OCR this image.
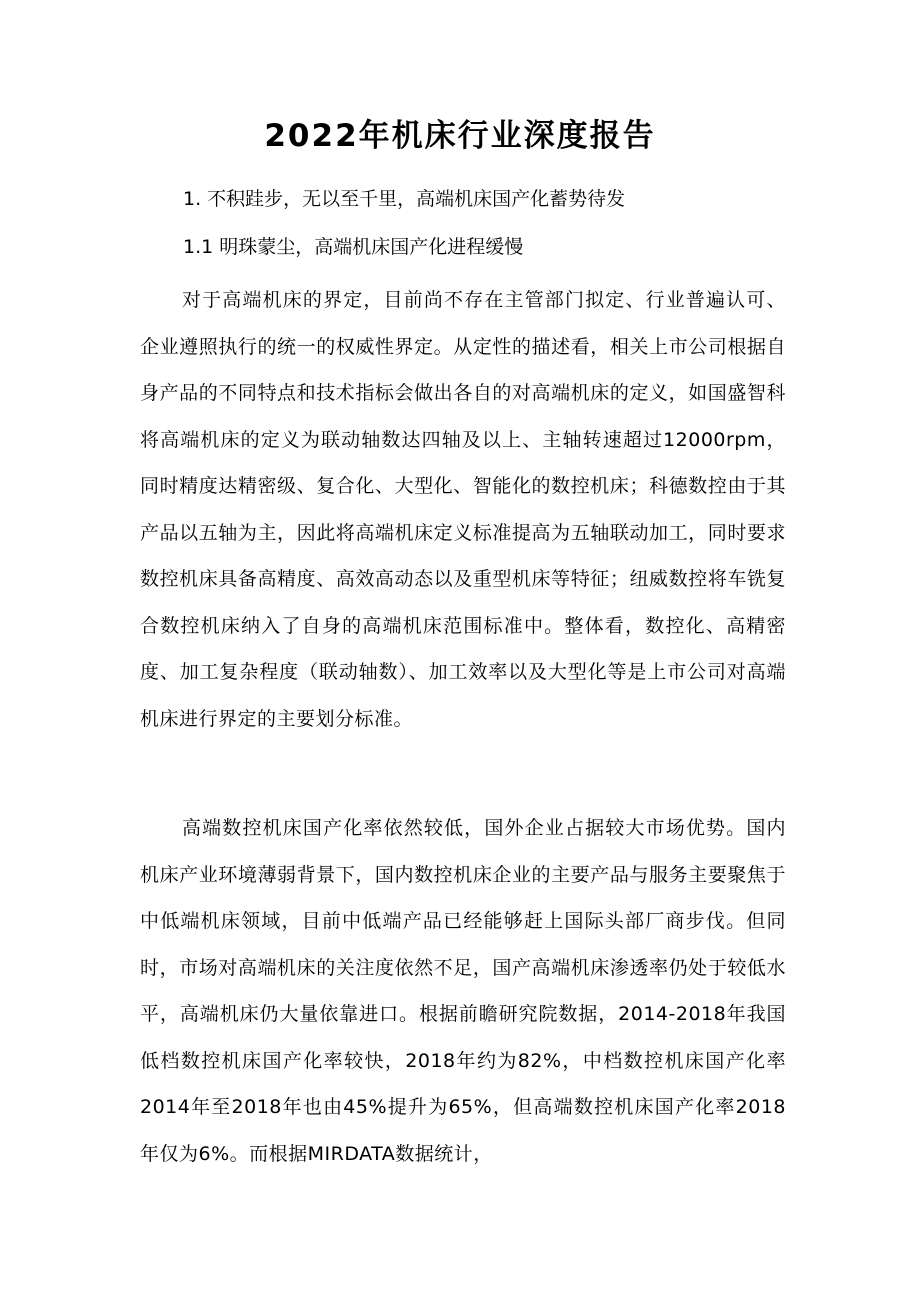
2022年机床行业深度报告

1. 不积跬步，无以至千里，高端机床国产化蓄势待发

1.1 明珠蒙尘，高端机床国产化进程缓慢

对于高端机床的界定，目前尚不存在主管部门拟定、行业普遍认可、企业遵照执行的统一的权威性界定。从定性的描述看，相关上市公司根据自身产品的不同特点和技术指标会做出各自的对高端机床的定义，如国盛智科将高端机床的定义为联动轴数达四轴及以上、主轴转速超过12000rpm，同时精度达精密级、复合化、大型化、智能化的数控机床；科德数控由于其产品以五轴为主，因此将高端机床定义标准提高为五轴联动加工，同时要求数控机床具备高精度、高效高动态以及重型机床等特征；纽威数控将车铣复合数控机床纳入了自身的高端机床范围标准中。整体看，数控化、高精密度、加工复杂程度（联动轴数）、加工效率以及大型化等是上市公司对高端机床进行界定的主要划分标准。

高端数控机床国产化率依然较低，国外企业占据较大市场优势。国内机床产业环境薄弱背景下，国内数控机床企业的主要产品与服务主要聚焦于中低端机床领域，目前中低端产品已经能够赶上国际头部厂商步伐。但同时，市场对高端机床的关注度依然不足，国产高端机床渗透率仍处于较低水平，高端机床仍大量依靠进口。根据前瞻研究院数据，2014-2018年我国低档数控机床国产化率较快，2018年约为82%，中档数控机床国产化率2014年至2018年也由45%提升为65%，但高端数控机床国产化率2018年仅为6%。而根据MIRDATA数据统计，
